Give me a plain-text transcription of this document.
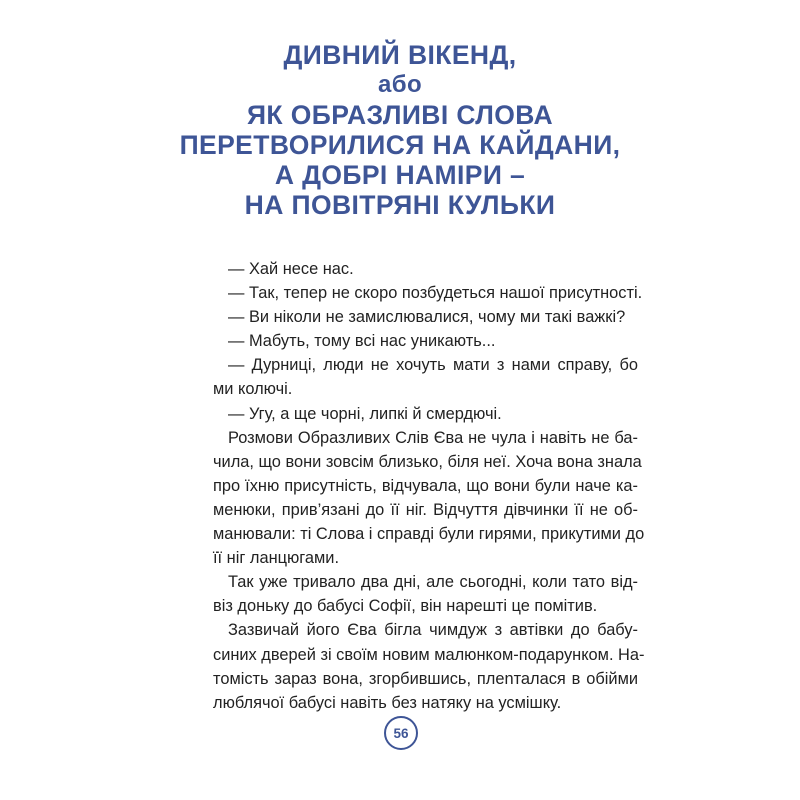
ДИВНИЙ ВІКЕНД,
або
ЯК ОБРАЗЛИВІ СЛОВА
ПЕРЕТВОРИЛИСЯ НА КАЙДАНИ,
А ДОБРІ НАМІРИ –
НА ПОВІТРЯНІ КУЛЬКИ
— Хай несе нас.
— Так, тепер не скоро позбудеться нашої присутності.
— Ви ніколи не замислювалися, чому ми такі важкі?
— Мабуть, тому всі нас уникають...
— Дурниці, люди не хочуть мати з нами справу, бо
ми колючі.
— Угу, а ще чорні, липкі й смердючі.
Розмови Образливих Слів Єва не чула і навіть не ба-
чила, що вони зовсім близько, біля неї. Хоча вона знала
про їхню присутність, відчувала, що вони були наче ка-
менюки, прив’язані до її ніг. Відчуття дівчинки її не об-
манювали: ті Слова і справді були гирями, прикутими до
її ніг ланцюгами.
Так уже тривало два дні, але сьогодні, коли тато від-
віз доньку до бабусі Софії, він нарешті це помітив.
Зазвичай його Єва бігла чимдуж з автівки до бабу-
синих дверей зі своїм новим малюнком-подарунком. На-
томість зараз вона, згорбившись, плenталася в обійми
люблячої бабусі навіть без натяку на усмішку.
56
